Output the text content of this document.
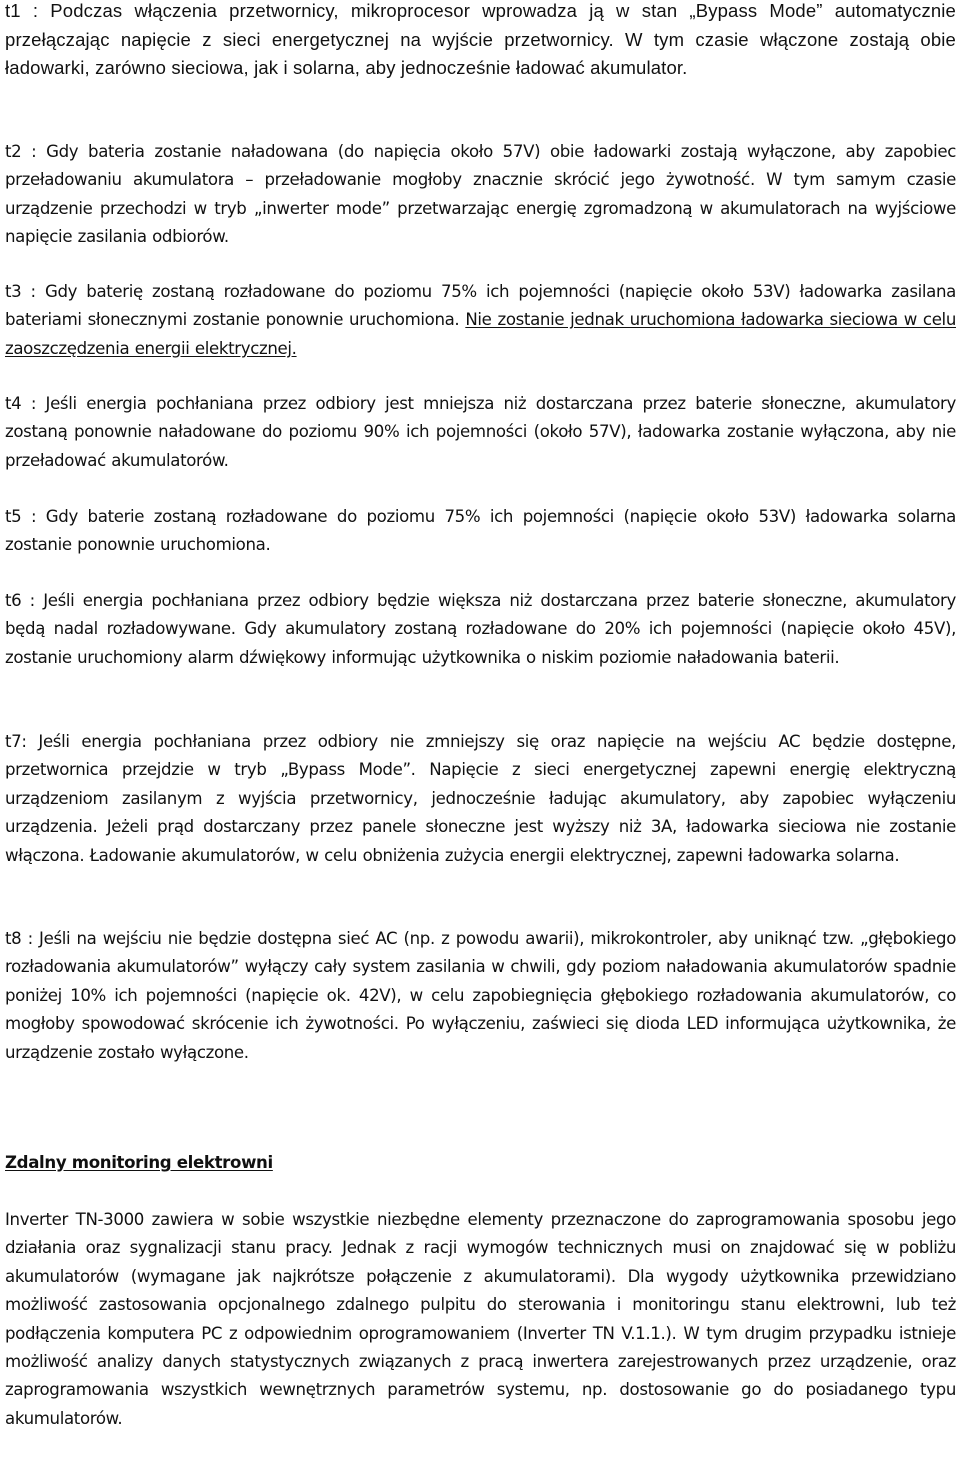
t1 : Podczas włączenia przetwornicy, mikroprocesor wprowadza ją w stan „Bypass Mode” automatycznie przełączając napięcie z sieci energetycznej na wyjście przetwornicy. W tym czasie włączone zostają obie ładowarki, zarówno sieciowa, jak i solarna, aby jednocześnie ładować akumulator.

t2 : Gdy bateria zostanie naładowana (do napięcia około 57V) obie ładowarki zostają wyłączone, aby zapobiec przeładowaniu akumulatora – przeładowanie mogłoby znacznie skrócić jego żywotność. W tym samym czasie urządzenie przechodzi w tryb „inwerter mode” przetwarzając energię zgromadzoną w akumulatorach na wyjściowe napięcie zasilania odbiorów.

t3 : Gdy baterię zostaną rozładowane do poziomu 75% ich pojemności (napięcie około 53V) ładowarka zasilana bateriami słonecznymi zostanie ponownie uruchomiona. Nie zostanie jednak uruchomiona ładowarka sieciowa w celu zaoszczędzenia energii elektrycznej.

t4 : Jeśli energia pochłaniana przez odbiory jest mniejsza niż dostarczana przez baterie słoneczne, akumulatory zostaną ponownie naładowane do poziomu 90% ich pojemności (około 57V), ładowarka zostanie wyłączona, aby nie przeładować akumulatorów.

t5 : Gdy baterie zostaną rozładowane do poziomu 75% ich pojemności (napięcie około 53V) ładowarka solarna zostanie ponownie uruchomiona.

t6 : Jeśli energia pochłaniana przez odbiory będzie większa niż dostarczana przez baterie słoneczne, akumulatory będą nadal rozładowywane. Gdy akumulatory zostaną rozładowane do 20% ich pojemności (napięcie około 45V), zostanie uruchomiony alarm dźwiękowy informując użytkownika o niskim poziomie naładowania baterii.

t7: Jeśli energia pochłaniana przez odbiory nie zmniejszy się oraz napięcie na wejściu AC będzie dostępne, przetwornica przejdzie w tryb „Bypass Mode”. Napięcie z sieci energetycznej zapewni energię elektryczną urządzeniom zasilanym z wyjścia przetwornicy, jednocześnie ładując akumulatory, aby zapobiec wyłączeniu urządzenia. Jeżeli prąd dostarczany przez panele słoneczne jest wyższy niż 3A, ładowarka sieciowa nie zostanie włączona. Ładowanie akumulatorów, w celu obniżenia zużycia energii elektrycznej, zapewni ładowarka solarna.

t8 : Jeśli na wejściu nie będzie dostępna sieć AC (np. z powodu awarii), mikrokontroler, aby uniknąć tzw. „głębokiego rozładowania akumulatorów” wyłączy cały system zasilania w chwili, gdy poziom naładowania akumulatorów spadnie poniżej 10% ich pojemności (napięcie ok. 42V), w celu zapobiegnięcia głębokiego rozładowania akumulatorów, co mogłoby spowodować skrócenie ich żywotności. Po wyłączeniu, zaświeci się dioda LED informująca użytkownika, że urządzenie zostało wyłączone.

Zdalny monitoring elektrowni

Inverter TN-3000 zawiera w sobie wszystkie niezbędne elementy przeznaczone do zaprogramowania sposobu jego działania oraz sygnalizacji stanu pracy. Jednak z racji wymogów technicznych musi on znajdować się w pobliżu akumulatorów (wymagane jak najkrótsze połączenie z akumulatorami). Dla wygody użytkownika przewidziano możliwość zastosowania opcjonalnego zdalnego pulpitu do sterowania i monitoringu stanu elektrowni, lub też podłączenia komputera PC z odpowiednim oprogramowaniem (Inverter TN V.1.1.). W tym drugim przypadku istnieje możliwość analizy danych statystycznych związanych z pracą inwertera zarejestrowanych przez urządzenie, oraz zaprogramowania wszystkich wewnętrznych parametrów systemu, np. dostosowanie go do posiadanego typu akumulatorów.
